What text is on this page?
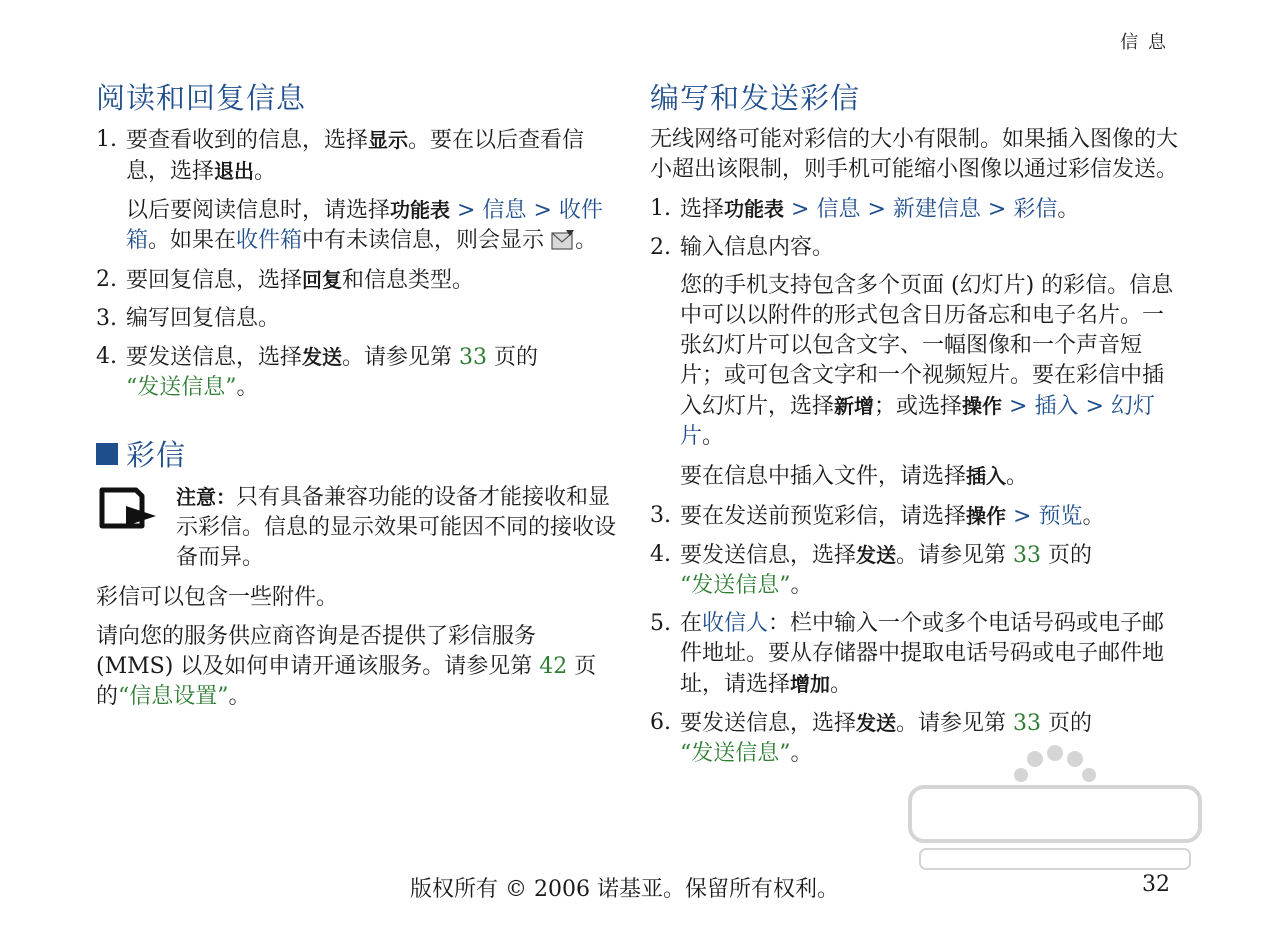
信 息
阅读和回复信息
1. 要查看收到的信息，选择显示。要在以后查看信息，选择退出。

以后要阅读信息时，请选择功能表 > 信息 > 收件箱。如果在收件箱中有未读信息，则会显示 。

2. 要回复信息，选择回复和信息类型。
3. 编写回复信息。
4. 要发送信息，选择发送。请参见第 33 页的
“发送信息”。
彩信
注意：只有具备兼容功能的设备才能接收和显示彩信。信息的显示效果可能因不同的接收设备而异。

彩信可以包含一些附件。

请向您的服务供应商咨询是否提供了彩信服务 (MMS) 以及如何申请开通该服务。请参见第 42 页的“信息设置”。

编写和发送彩信

无线网络可能对彩信的大小有限制。如果插入图像的大小超出该限制，则手机可能缩小图像以通过彩信发送。

1. 选择功能表 > 信息 > 新建信息 > 彩信。
2. 输入信息内容。

您的手机支持包含多个页面 (幻灯片) 的彩信。信息中可以以附件的形式包含日历备忘和电子名片。一张幻灯片可以包含文字、一幅图像和一个声音短片；或可包含文字和一个视频短片。要在彩信中插入幻灯片，选择新增；或选择操作 > 插入 > 幻灯片。

要在信息中插入文件，请选择插入。

3. 要在发送前预览彩信，请选择操作 > 预览。
4. 要发送信息，选择发送。请参见第 33 页的
“发送信息”。
5. 在收信人：栏中输入一个或多个电话号码或电子邮件地址。要从存储器中提取电话号码或电子邮件地址，请选择增加。
6. 要发送信息，选择发送。请参见第 33 页的
“发送信息”。
版权所有 © 2006 诺基亚。保留所有权利。	32
